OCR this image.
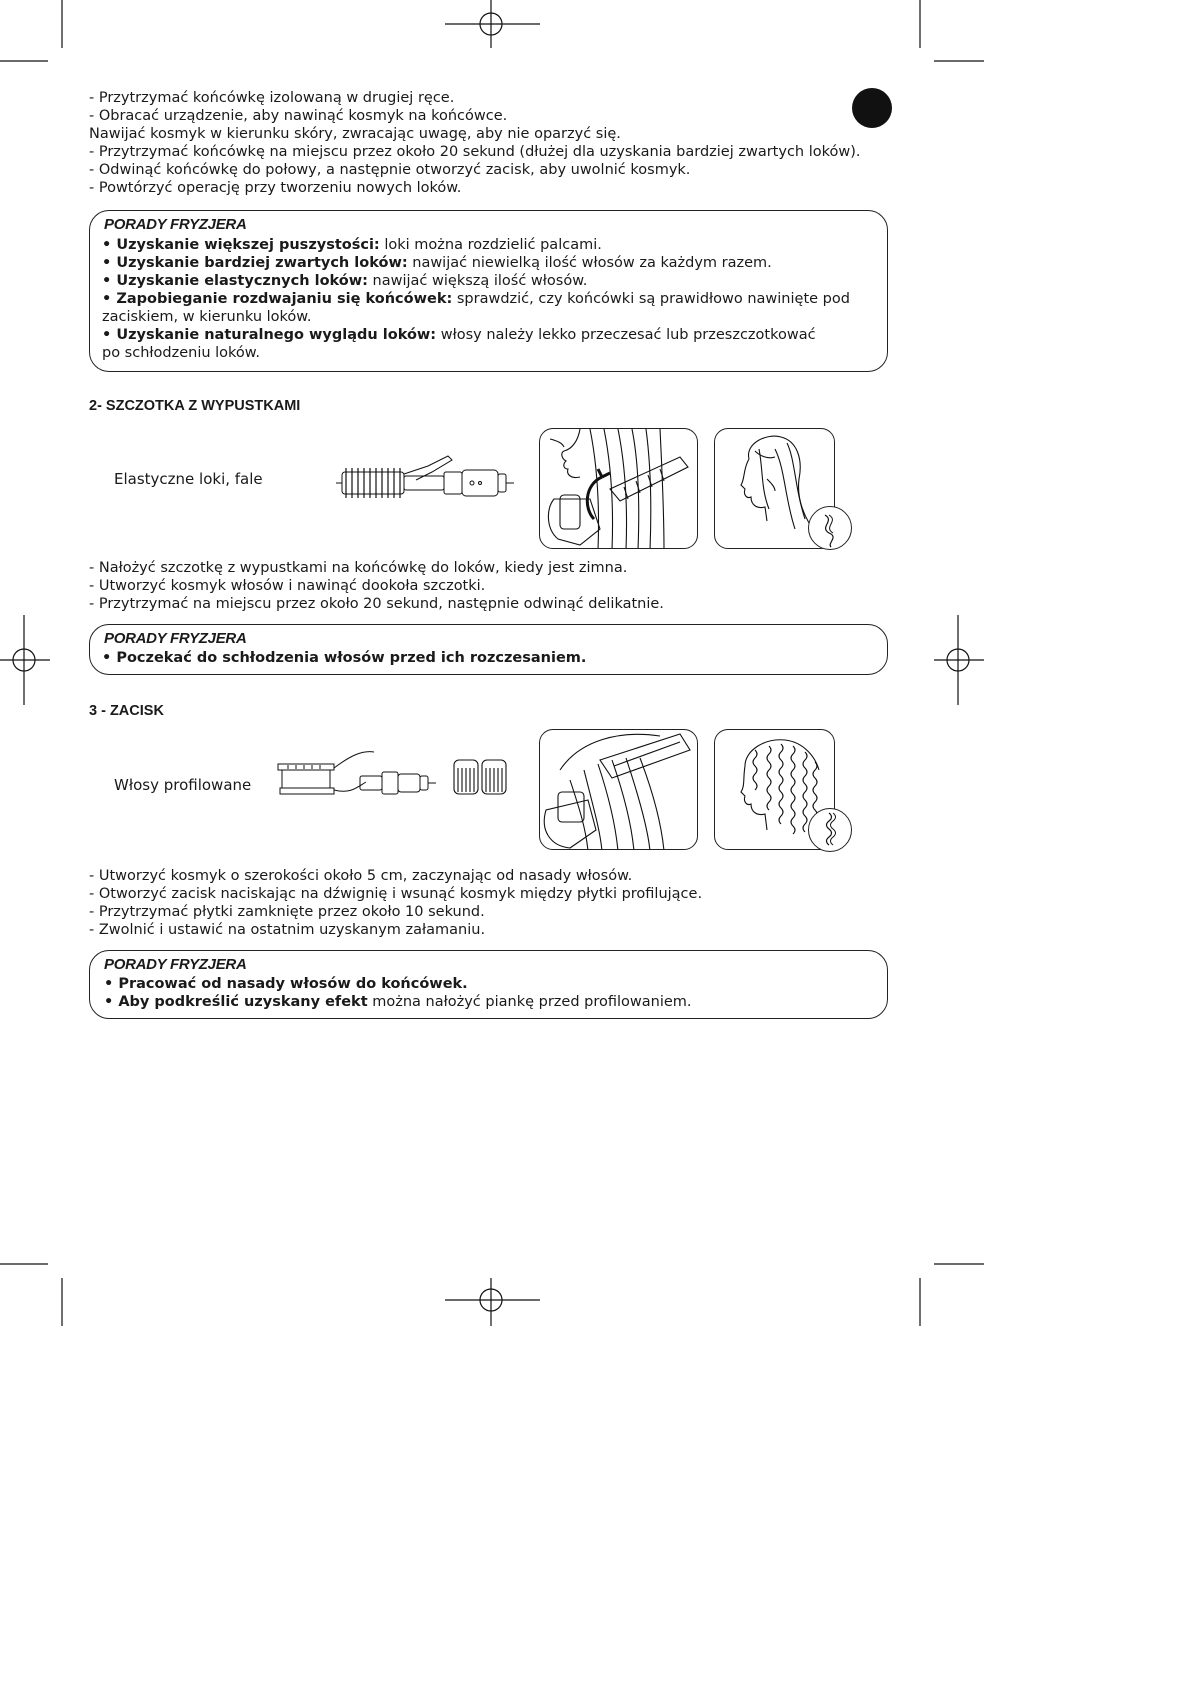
- Przytrzymać końcówkę izolowaną w drugiej ręce.
- Obracać urządzenie, aby nawinąć kosmyk na końcówce.
Nawijać kosmyk w kierunku skóry, zwracając uwagę, aby nie oparzyć się.
- Przytrzymać końcówkę na miejscu przez około 20 sekund (dłużej dla uzyskania bardziej zwartych loków).
- Odwinąć końcówkę do połowy, a następnie otworzyć zacisk, aby uwolnić kosmyk.
- Powtórzyć operację przy tworzeniu nowych loków.
PORADY FRYZJERA
• Uzyskanie większej puszystości: loki można rozdzielić palcami.
• Uzyskanie bardziej zwartych loków: nawijać niewielką ilość włosów za każdym razem.
• Uzyskanie elastycznych loków: nawijać większą ilość włosów.
• Zapobieganie rozdwajaniu się końcówek: sprawdzić, czy końcówki są prawidłowo nawinięte pod
zaciskiem, w kierunku loków.
• Uzyskanie naturalnego wyglądu loków: włosy należy lekko przeczesać lub przeszczotkować
po schłodzeniu loków.
2- SZCZOTKA Z WYPUSTKAMI
Elastyczne loki, fale
- Nałożyć szczotkę z wypustkami na końcówkę do loków, kiedy jest zimna.
- Utworzyć kosmyk włosów i nawinąć dookoła szczotki.
- Przytrzymać na miejscu przez około 20 sekund, następnie odwinąć delikatnie.
PORADY FRYZJERA
• Poczekać do schłodzenia włosów przed ich rozczesaniem.
3 - ZACISK
Włosy profilowane
- Utworzyć kosmyk o szerokości około 5 cm, zaczynając od nasady włosów.
- Otworzyć zacisk naciskając na dźwignię i wsunąć kosmyk między płytki profilujące.
- Przytrzymać płytki zamknięte przez około 10 sekund.
- Zwolnić i ustawić na ostatnim uzyskanym załamaniu.
PORADY FRYZJERA
• Pracować od nasady włosów do końcówek.
• Aby podkreślić uzyskany efekt można nałożyć piankę przed profilowaniem.
